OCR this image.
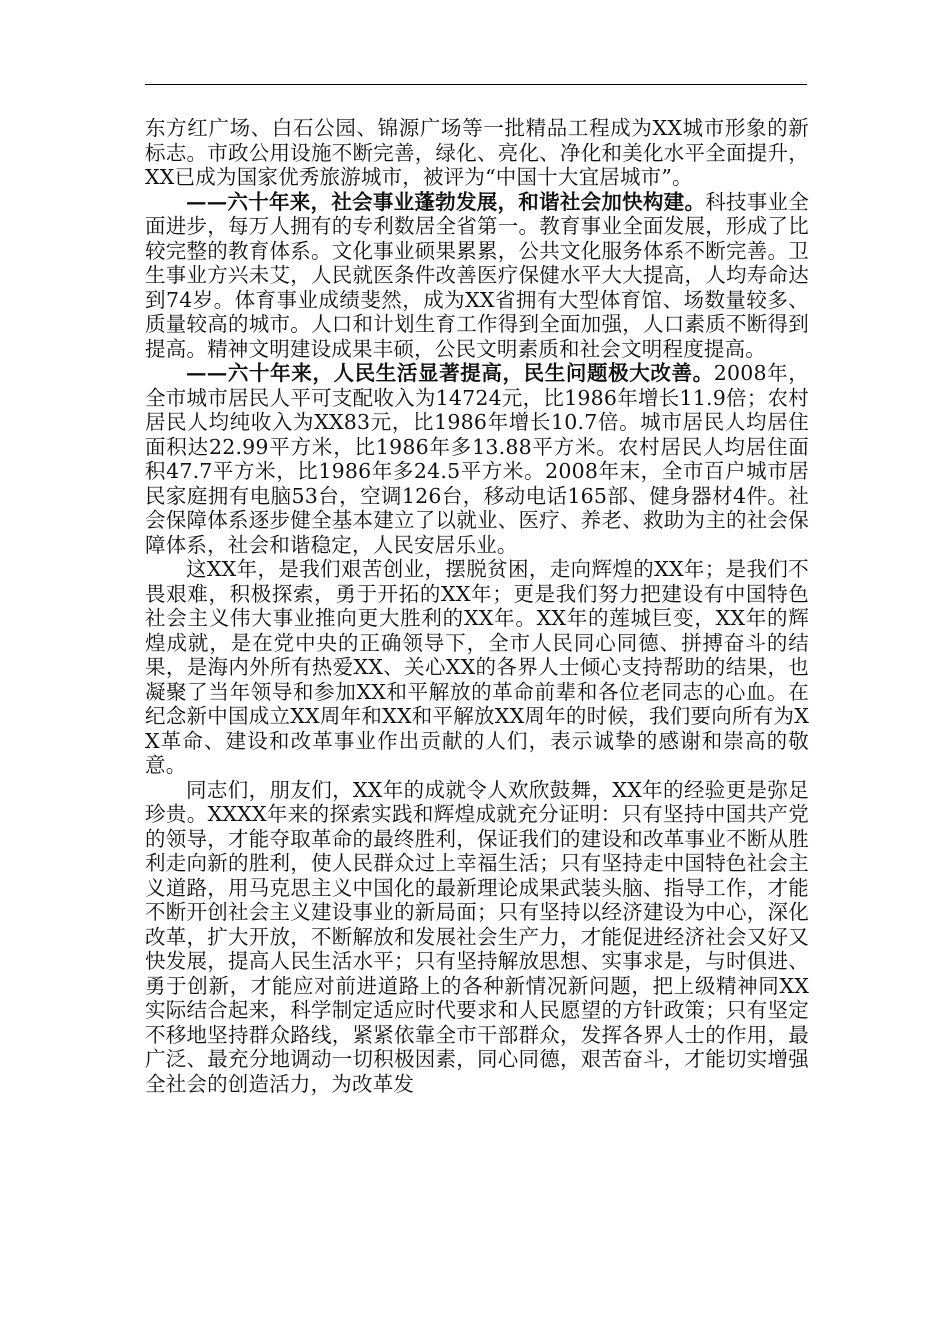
东方红广场、白石公园、锦源广场等一批精品工程成为XX城市形象的新标志。市政公用设施不断完善，绿化、亮化、净化和美化水平全面提升，XX已成为国家优秀旅游城市，被评为“中国十大宜居城市”。

——六十年来，社会事业蓬勃发展，和谐社会加快构建。科技事业全面进步，每万人拥有的专利数居全省第一。教育事业全面发展，形成了比较完整的教育体系。文化事业硕果累累，公共文化服务体系不断完善。卫生事业方兴未艾，人民就医条件改善医疗保健水平大大提高，人均寿命达到74岁。体育事业成绩斐然，成为XX省拥有大型体育馆、场数量较多、质量较高的城市。人口和计划生育工作得到全面加强，人口素质不断得到提高。精神文明建设成果丰硕，公民文明素质和社会文明程度提高。

——六十年来，人民生活显著提高，民生问题极大改善。2008年，全市城市居民人平可支配收入为14724元，比1986年增长11.9倍；农村居民人均纯收入为XX83元，比1986年增长10.7倍。城市居民人均居住面积达22.99平方米，比1986年多13.88平方米。农村居民人均居住面积47.7平方米，比1986年多24.5平方米。2008年末，全市百户城市居民家庭拥有电脑53台，空调126台，移动电话165部、健身器材4件。社会保障体系逐步健全基本建立了以就业、医疗、养老、救助为主的社会保障体系，社会和谐稳定，人民安居乐业。

这XX年，是我们艰苦创业，摆脱贫困，走向辉煌的XX年；是我们不畏艰难，积极探索，勇于开拓的XX年；更是我们努力把建设有中国特色社会主义伟大事业推向更大胜利的XX年。XX年的莲城巨变，XX年的辉煌成就，是在党中央的正确领导下，全市人民同心同德、拼搏奋斗的结果，是海内外所有热爱XX、关心XX的各界人士倾心支持帮助的结果，也凝聚了当年领导和参加XX和平解放的革命前辈和各位老同志的心血。在纪念新中国成立XX周年和XX和平解放XX周年的时候，我们要向所有为XX革命、建设和改革事业作出贡献的人们，表示诚挚的感谢和崇高的敬意。

同志们，朋友们，XX年的成就令人欢欣鼓舞，XX年的经验更是弥足珍贵。XXXX年来的探索实践和辉煌成就充分证明：只有坚持中国共产党的领导，才能夺取革命的最终胜利，保证我们的建设和改革事业不断从胜利走向新的胜利，使人民群众过上幸福生活；只有坚持走中国特色社会主义道路，用马克思主义中国化的最新理论成果武装头脑、指导工作，才能不断开创社会主义建设事业的新局面；只有坚持以经济建设为中心，深化改革，扩大开放，不断解放和发展社会生产力，才能促进经济社会又好又快发展，提高人民生活水平；只有坚持解放思想、实事求是，与时俱进、勇于创新，才能应对前进道路上的各种新情况新问题，把上级精神同XX实际结合起来，科学制定适应时代要求和人民愿望的方针政策；只有坚定不移地坚持群众路线，紧紧依靠全市干部群众，发挥各界人士的作用，最广泛、最充分地调动一切积极因素，同心同德，艰苦奋斗，才能切实增强全社会的创造活力，为改革发
